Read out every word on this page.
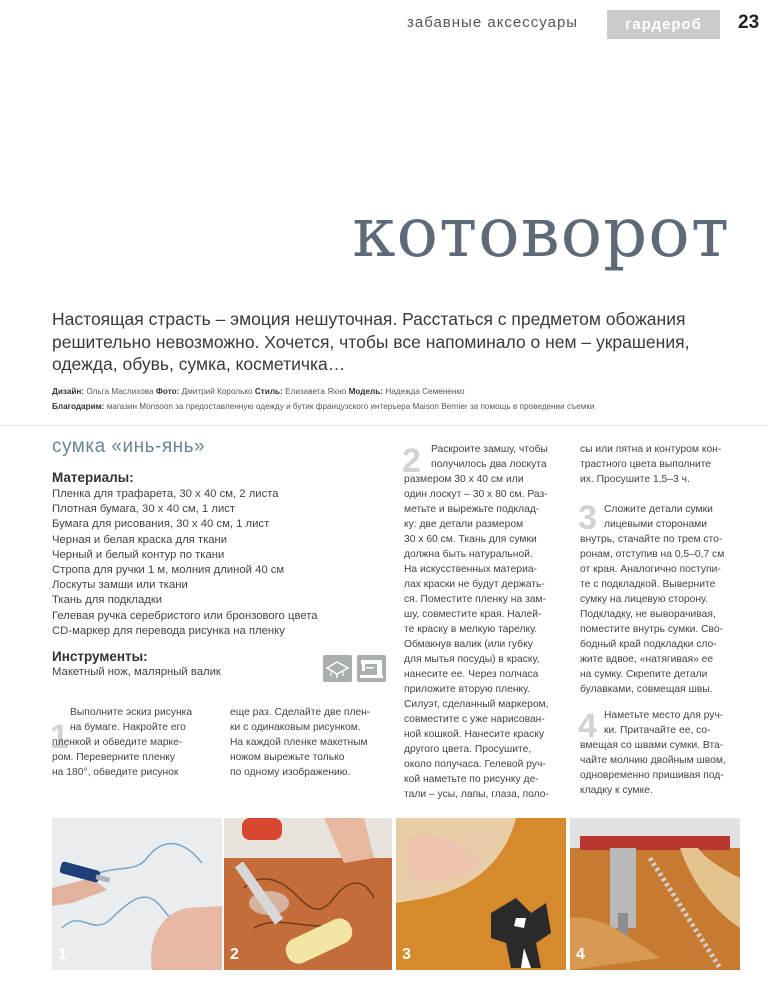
забавные аксессуары	гардероб	23
котоворот

Настоящая страсть – эмоция нешуточная. Расстаться с предметом обожания решительно невозможно. Хочется, чтобы все напоминало о нем – украшения, одежда, обувь, сумка, косметичка…

Дизайн: Ольга Маслихова Фото: Дмитрий Королько Стиль: Елизавета Яхно Модель: Надежда Семененко
Благодарим: магазин Monsoon за предоставленную одежду и бутик французского интерьера Maison Bernier за помощь в проведении съемки
сумка «инь-янь»
Материалы:
Пленка для трафарета, 30 х 40 см, 2 листа
Плотная бумага, 30 х 40 см, 1 лист
Бумага для рисования, 30 х 40 см, 1 лист
Черная и белая краска для ткани
Черный и белый контур по ткани
Стропа для ручки 1 м, молния длиной 40 см
Лоскуты замши или ткани
Ткань для подкладки
Гелевая ручка серебристого или бронзового цвета
CD-маркер для перевода рисунка на пленку
Инструменты:
Макетный нож, малярный валик
1
Выполните эскиз рисунка
на бумаге. Накройте его
пленкой и обведите марке-
ром. Переверните пленку
на 180°, обведите рисунок
еще раз. Сделайте две плен-
ки с одинаковым рисунком.
На каждой пленке макетным
ножом вырежьте только
по одному изображению.
2 Раскроите замшу, чтобы
получилось два лоскута
размером 30 х 40 см или
один лоскут – 30 х 80 см. Раз-
метьте и вырежьте подклад-
ку: две детали размером
30 х 60 см. Ткань для сумки
должна быть натуральной.
На искусственных материа-
лах краски не будут держать-
ся. Поместите пленку на зам-
шу, совместите края. Налей-
те краску в мелкую тарелку.
Обмакнув валик (или губку
для мытья посуды) в краску,
нанесите ее. Через полчаса
приложите вторую пленку.
Силуэт, сделанный маркером,
совместите с уже нарисован-
ной кошкой. Нанесите краску
другого цвета. Просушите,
около получаса. Гелевой руч-
кой наметьте по рисунку де-
тали – усы, лапы, глаза, поло-
сы или пятна и контуром кон-
трастного цвета выполните
их. Просушите 1,5–3 ч.
3 Сложите детали сумки
лицевыми сторонами
внутрь, стачайте по трем сто-
ронам, отступив на 0,5–0,7 см
от края. Аналогично поступи-
те с подкладкой. Выверните
сумку на лицевую сторону.
Подкладку, не выворачивая,
поместите внутрь сумки. Сво-
бодный край подкладки сло-
жите вдвое, «натягивая» ее
на сумку. Скрепите детали
булавками, совмещая швы.
4 Наметьте место для руч-
ки. Притачайте ее, со-
вмещая со швами сумки. Вта-
чайте молнию двойным швом,
одновременно пришивая под-
кладку к сумке.
1	2	3	4
